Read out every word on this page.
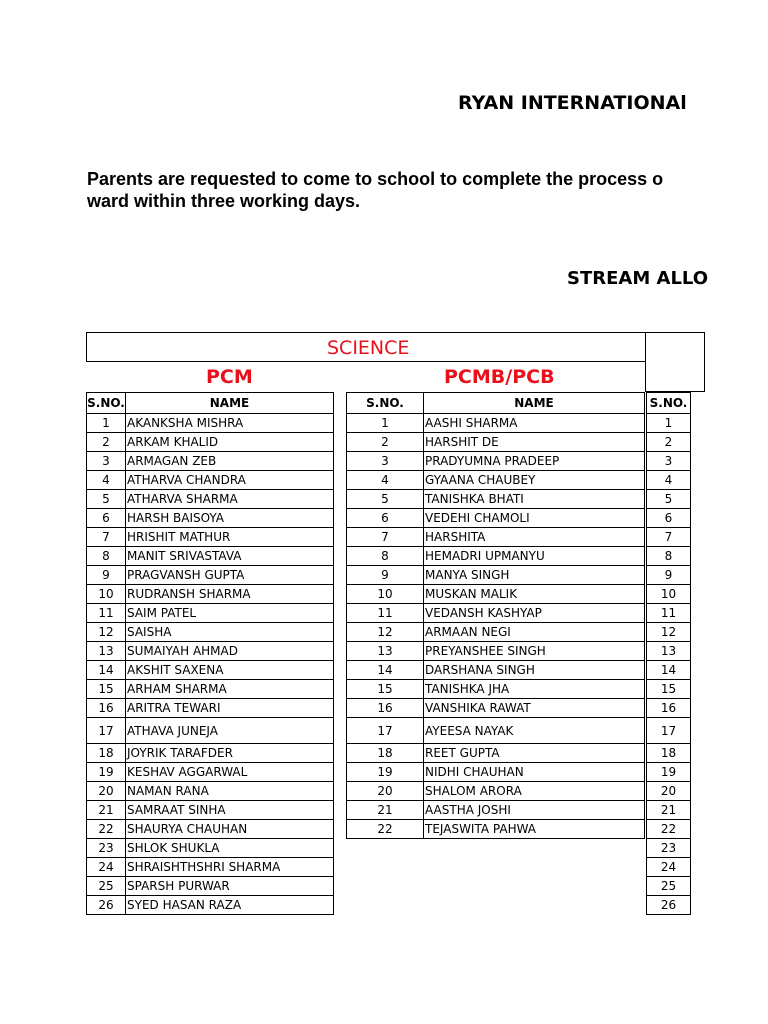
RYAN INTERNATIONAl
Parents are requested to come to school to complete the process o
ward within three working days.
STREAM ALLO
SCIENCE
PCM	PCMB/PCB
S.NO.	NAME
1	AKANKSHA MISHRA
2	ARKAM KHALID
3	ARMAGAN ZEB
4	ATHARVA CHANDRA
5	ATHARVA SHARMA
6	HARSH BAISOYA
7	HRISHIT MATHUR
8	MANIT SRIVASTAVA
9	PRAGVANSH GUPTA
10	RUDRANSH SHARMA
11	SAIM PATEL
12	SAISHA
13	SUMAIYAH AHMAD
14	AKSHIT SAXENA
15	ARHAM SHARMA
16	ARITRA TEWARI
17	ATHAVA JUNEJA
18	JOYRIK TARAFDER
19	KESHAV AGGARWAL
20	NAMAN RANA
21	SAMRAAT SINHA
22	SHAURYA CHAUHAN
23	SHLOK SHUKLA
24	SHRAISHTHSHRI SHARMA
25	SPARSH PURWAR
26	SYED HASAN RAZA
S.NO.	NAME
1	AASHI SHARMA
2	HARSHIT DE
3	PRADYUMNA PRADEEP
4	GYAANA CHAUBEY
5	TANISHKA BHATI
6	VEDEHI CHAMOLI
7	HARSHITA
8	HEMADRI UPMANYU
9	MANYA SINGH
10	MUSKAN MALIK
11	VEDANSH KASHYAP
12	ARMAAN NEGI
13	PREYANSHEE SINGH
14	DARSHANA SINGH
15	TANISHKA JHA
16	VANSHIKA RAWAT
17	AYEESA NAYAK
18	REET GUPTA
19	NIDHI CHAUHAN
20	SHALOM ARORA
21	AASTHA JOSHI
22	TEJASWITA PAHWA
S.NO.
1
2
3
4
5
6
7
8
9
10
11
12
13
14
15
16
17
18
19
20
21
22
23
24
25
26
